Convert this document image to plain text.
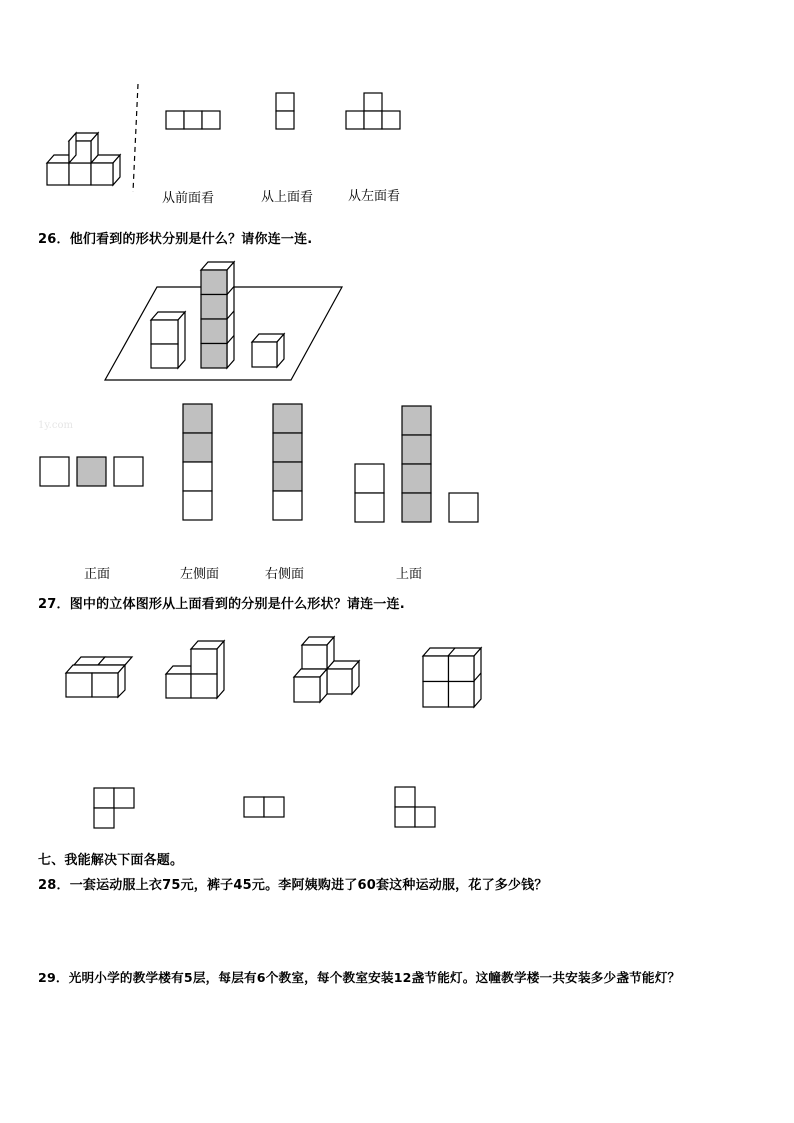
从前面看	从上面看	从左面看
26．他们看到的形状分别是什么？请你连一连.
1y.com
正面	左侧面	右侧面	上面
27．图中的立体图形从上面看到的分别是什么形状？请连一连.
七、我能解决下面各题。
28．一套运动服上衣75元，裤子45元。李阿姨购进了60套这种运动服，花了多少钱？
29．光明小学的教学楼有5层，每层有6个教室，每个教室安装12盏节能灯。这幢教学楼一共安装多少盏节能灯？
